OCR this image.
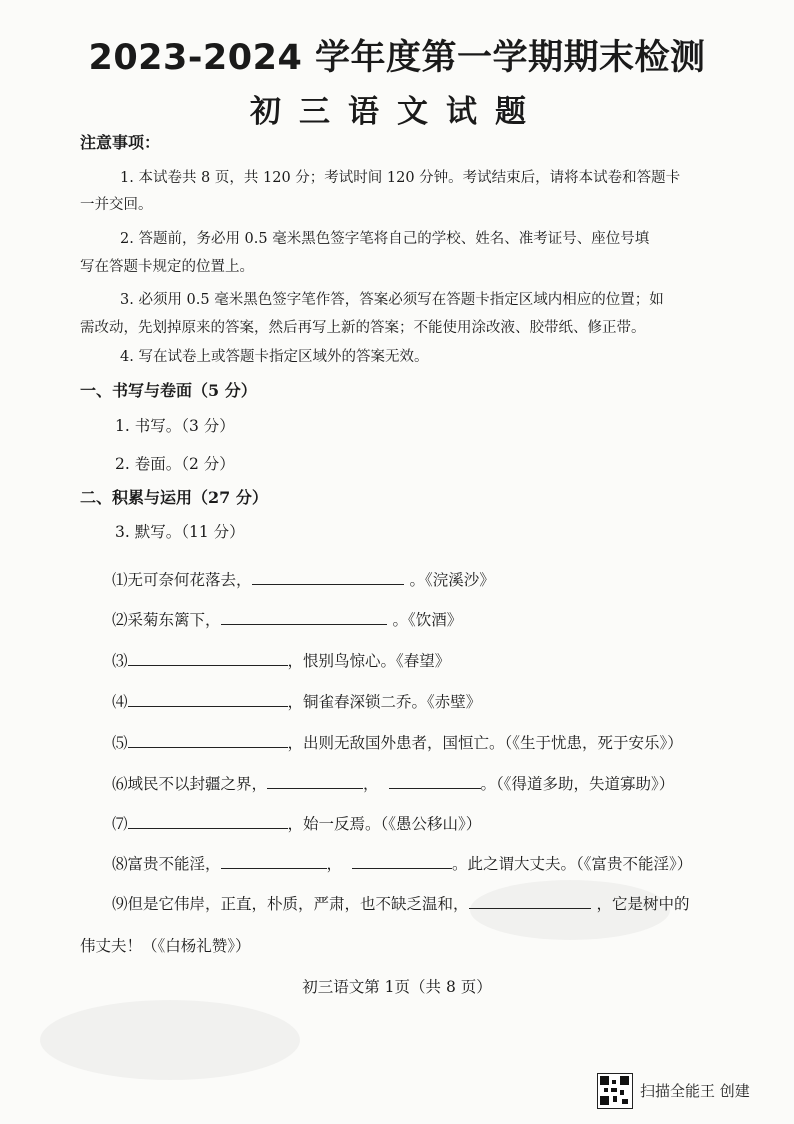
2023-2024 学年度第一学期期末检测
初三语文试题
注意事项：
1. 本试卷共 8 页，共 120 分；考试时间 120 分钟。考试结束后，请将本试卷和答题卡
一并交回。
2. 答题前，务必用 0.5 毫米黑色签字笔将自己的学校、姓名、准考证号、座位号填
写在答题卡规定的位置上。
3. 必须用 0.5 毫米黑色签字笔作答，答案必须写在答题卡指定区域内相应的位置；如
需改动，先划掉原来的答案，然后再写上新的答案；不能使用涂改液、胶带纸、修正带。
4. 写在试卷上或答题卡指定区域外的答案无效。
一、书写与卷面（5 分）
1. 书写。（3 分）
2. 卷面。（2 分）
二、积累与运用（27 分）
3. 默写。（11 分）
⑴无可奈何花落去，	。《浣溪沙》
⑵采菊东篱下，	。《饮酒》
⑶	，恨别鸟惊心。《春望》
⑷	，铜雀春深锁二乔。《赤壁》
⑸	，出则无敌国外患者，国恒亡。（《生于忧患，死于安乐》）
⑹域民不以封疆之界，	，	。（《得道多助，失道寡助》）
⑺	，始一反焉。（《愚公移山》）
⑻富贵不能淫，	，	。此之谓大丈夫。（《富贵不能淫》）
⑼但是它伟岸，正直，朴质，严肃，也不缺乏温和，	，它是树中的
伟丈夫！（《白杨礼赞》）
初三语文第 1页（共 8 页）
扫描全能王 创建
